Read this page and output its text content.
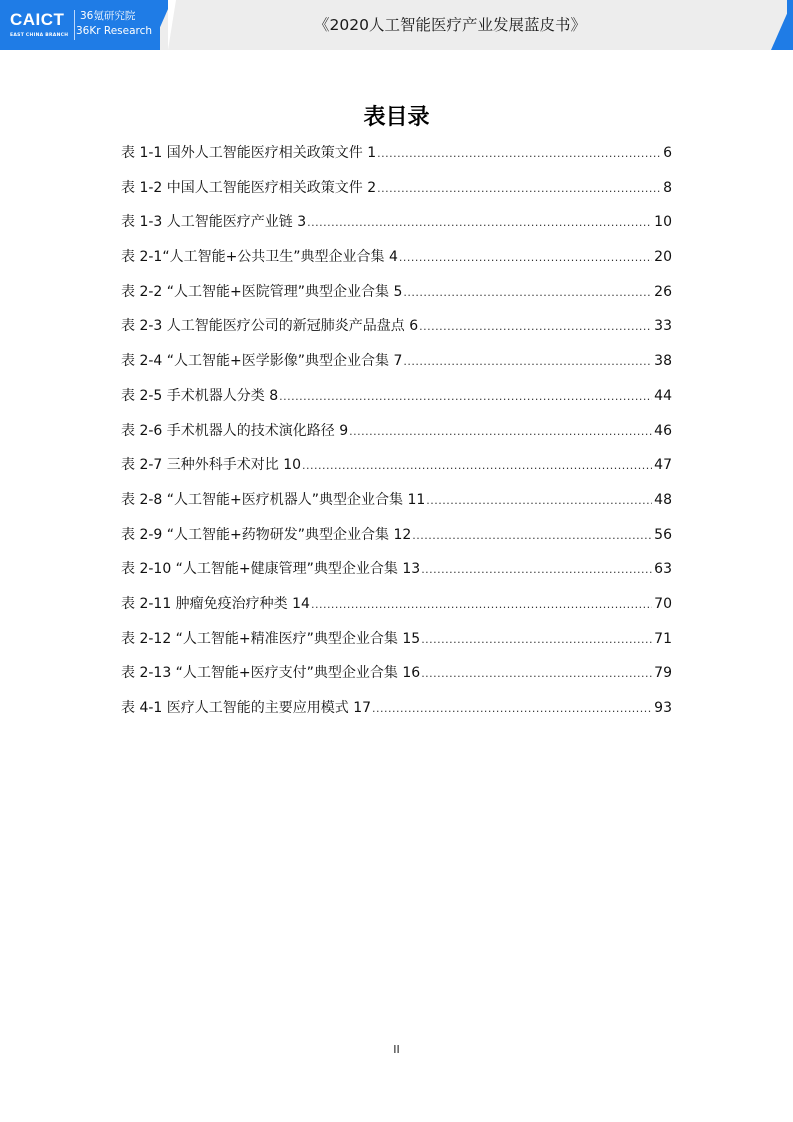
CAICT
EAST CHINA BRANCH
36氪研究院
36Kr Research	《2020人工智能医疗产业发展蓝皮书》
表目录
表 1-1 国外人工智能医疗相关政策文件 1 .....	6
表 1-2 中国人工智能医疗相关政策文件 2 .....	8
表 1-3 人工智能医疗产业链 3 .....	10
表 2-1“人工智能+公共卫生”典型企业合集 4 .....	20
表 2-2 “人工智能+医院管理”典型企业合集 5 .....	26
表 2-3 人工智能医疗公司的新冠肺炎产品盘点 6 .....	33
表 2-4 “人工智能+医学影像”典型企业合集 7 .....	38
表 2-5 手术机器人分类 8 .....	44
表 2-6 手术机器人的技术演化路径 9 .....	46
表 2-7 三种外科手术对比 10 .....	47
表 2-8 “人工智能+医疗机器人”典型企业合集 11 .....	48
表 2-9 “人工智能+药物研发”典型企业合集 12 .....	56
表 2-10 “人工智能+健康管理”典型企业合集 13 .....	63
表 2-11 肿瘤免疫治疗种类 14 .....	70
表 2-12 “人工智能+精准医疗”典型企业合集 15 .....	71
表 2-13 “人工智能+医疗支付”典型企业合集 16 .....	79
表 4-1 医疗人工智能的主要应用模式 17 .....	93
II
